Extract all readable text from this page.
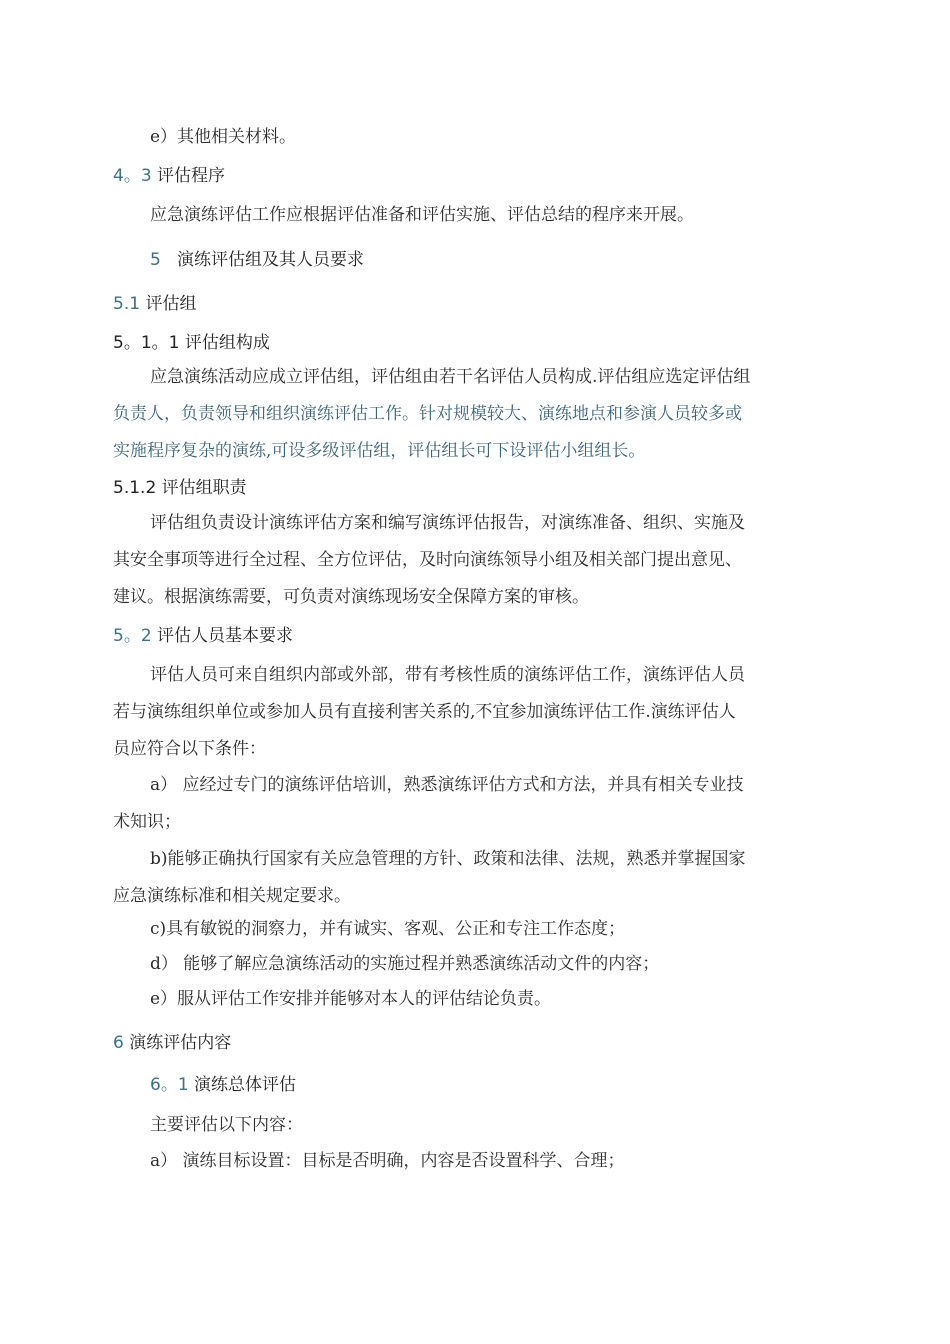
e）其他相关材料。
4。3 评估程序
应急演练评估工作应根据评估准备和评估实施、评估总结的程序来开展。
5 演练评估组及其人员要求
5.1 评估组
5。1。1 评估组构成
应急演练活动应成立评估组，评估组由若干名评估人员构成.评估组应选定评估组
负责人，负责领导和组织演练评估工作。针对规模较大、演练地点和参演人员较多或
实施程序复杂的演练,可设多级评估组，评估组长可下设评估小组组长。
5.1.2 评估组职责
评估组负责设计演练评估方案和编写演练评估报告，对演练准备、组织、实施及
其安全事项等进行全过程、全方位评估，及时向演练领导小组及相关部门提出意见、
建议。根据演练需要，可负责对演练现场安全保障方案的审核。
5。2 评估人员基本要求
评估人员可来自组织内部或外部，带有考核性质的演练评估工作，演练评估人员
若与演练组织单位或参加人员有直接利害关系的,不宜参加演练评估工作.演练评估人
员应符合以下条件：
a） 应经过专门的演练评估培训，熟悉演练评估方式和方法，并具有相关专业技
术知识；
b)能够正确执行国家有关应急管理的方针、政策和法律、法规，熟悉并掌握国家
应急演练标准和相关规定要求。
c)具有敏锐的洞察力，并有诚实、客观、公正和专注工作态度；
d） 能够了解应急演练活动的实施过程并熟悉演练活动文件的内容；
e）服从评估工作安排并能够对本人的评估结论负责。
6 演练评估内容
6。1 演练总体评估
主要评估以下内容：
a） 演练目标设置：目标是否明确，内容是否设置科学、合理；
